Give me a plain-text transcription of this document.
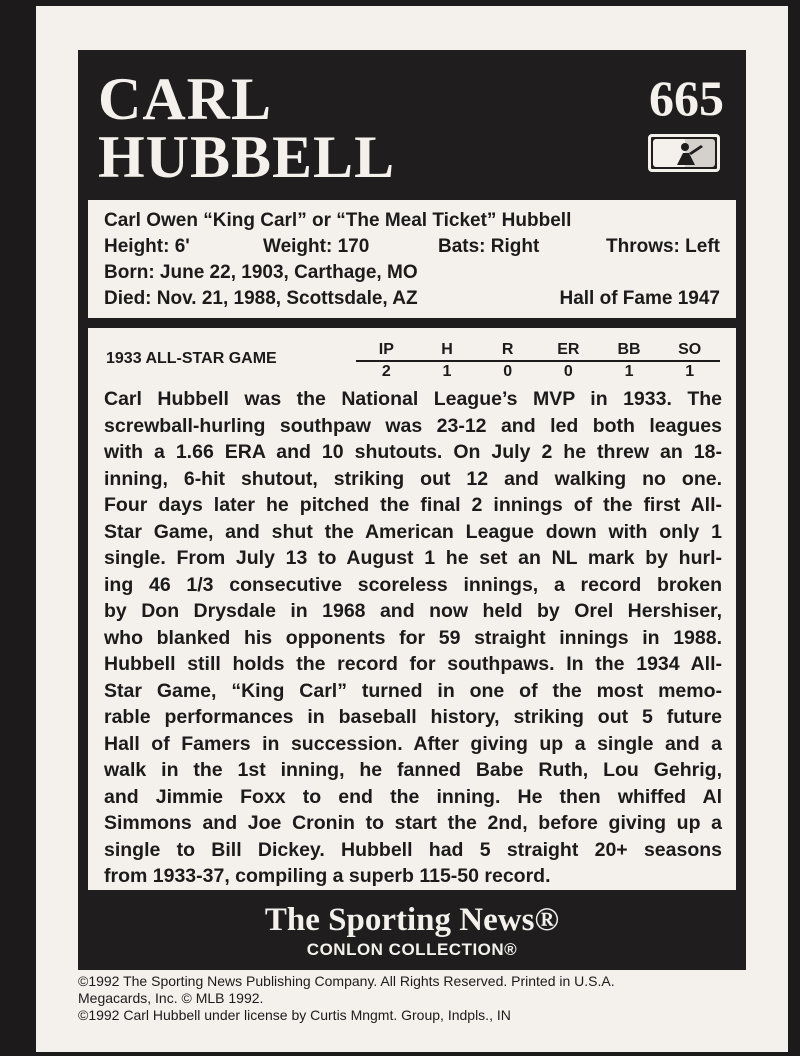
CARL
HUBBELL
665
Carl Owen “King Carl” or “The Meal Ticket” Hubbell
Height: 6'	Weight: 170	Bats: Right	Throws: Left
Born: June 22, 1903, Carthage, MO
Died: Nov. 21, 1988, Scottsdale, AZ	Hall of Fame 1947
1933 ALL-STAR GAME
IP	H	R	ER	BB	SO
2	1	0	0	1	1
Carl Hubbell was the National League’s MVP in 1933. The
screwball-hurling southpaw was 23-12 and led both leagues
with a 1.66 ERA and 10 shutouts. On July 2 he threw an 18-
inning, 6-hit shutout, striking out 12 and walking no one.
Four days later he pitched the final 2 innings of the first All-
Star Game, and shut the American League down with only 1
single. From July 13 to August 1 he set an NL mark by hurl-
ing 46 1/3 consecutive scoreless innings, a record broken
by Don Drysdale in 1968 and now held by Orel Hershiser,
who blanked his opponents for 59 straight innings in 1988.
Hubbell still holds the record for southpaws. In the 1934 All-
Star Game, “King Carl” turned in one of the most memo-
rable performances in baseball history, striking out 5 future
Hall of Famers in succession. After giving up a single and a
walk in the 1st inning, he fanned Babe Ruth, Lou Gehrig,
and Jimmie Foxx to end the inning. He then whiffed Al
Simmons and Joe Cronin to start the 2nd, before giving up a
single to Bill Dickey. Hubbell had 5 straight 20+ seasons
from 1933-37, compiling a superb 115-50 record.
The Sporting News®
CONLON COLLECTION®
©1992 The Sporting News Publishing Company. All Rights Reserved. Printed in U.S.A.
Megacards, Inc. © MLB 1992.
©1992 Carl Hubbell under license by Curtis Mngmt. Group, Indpls., IN
